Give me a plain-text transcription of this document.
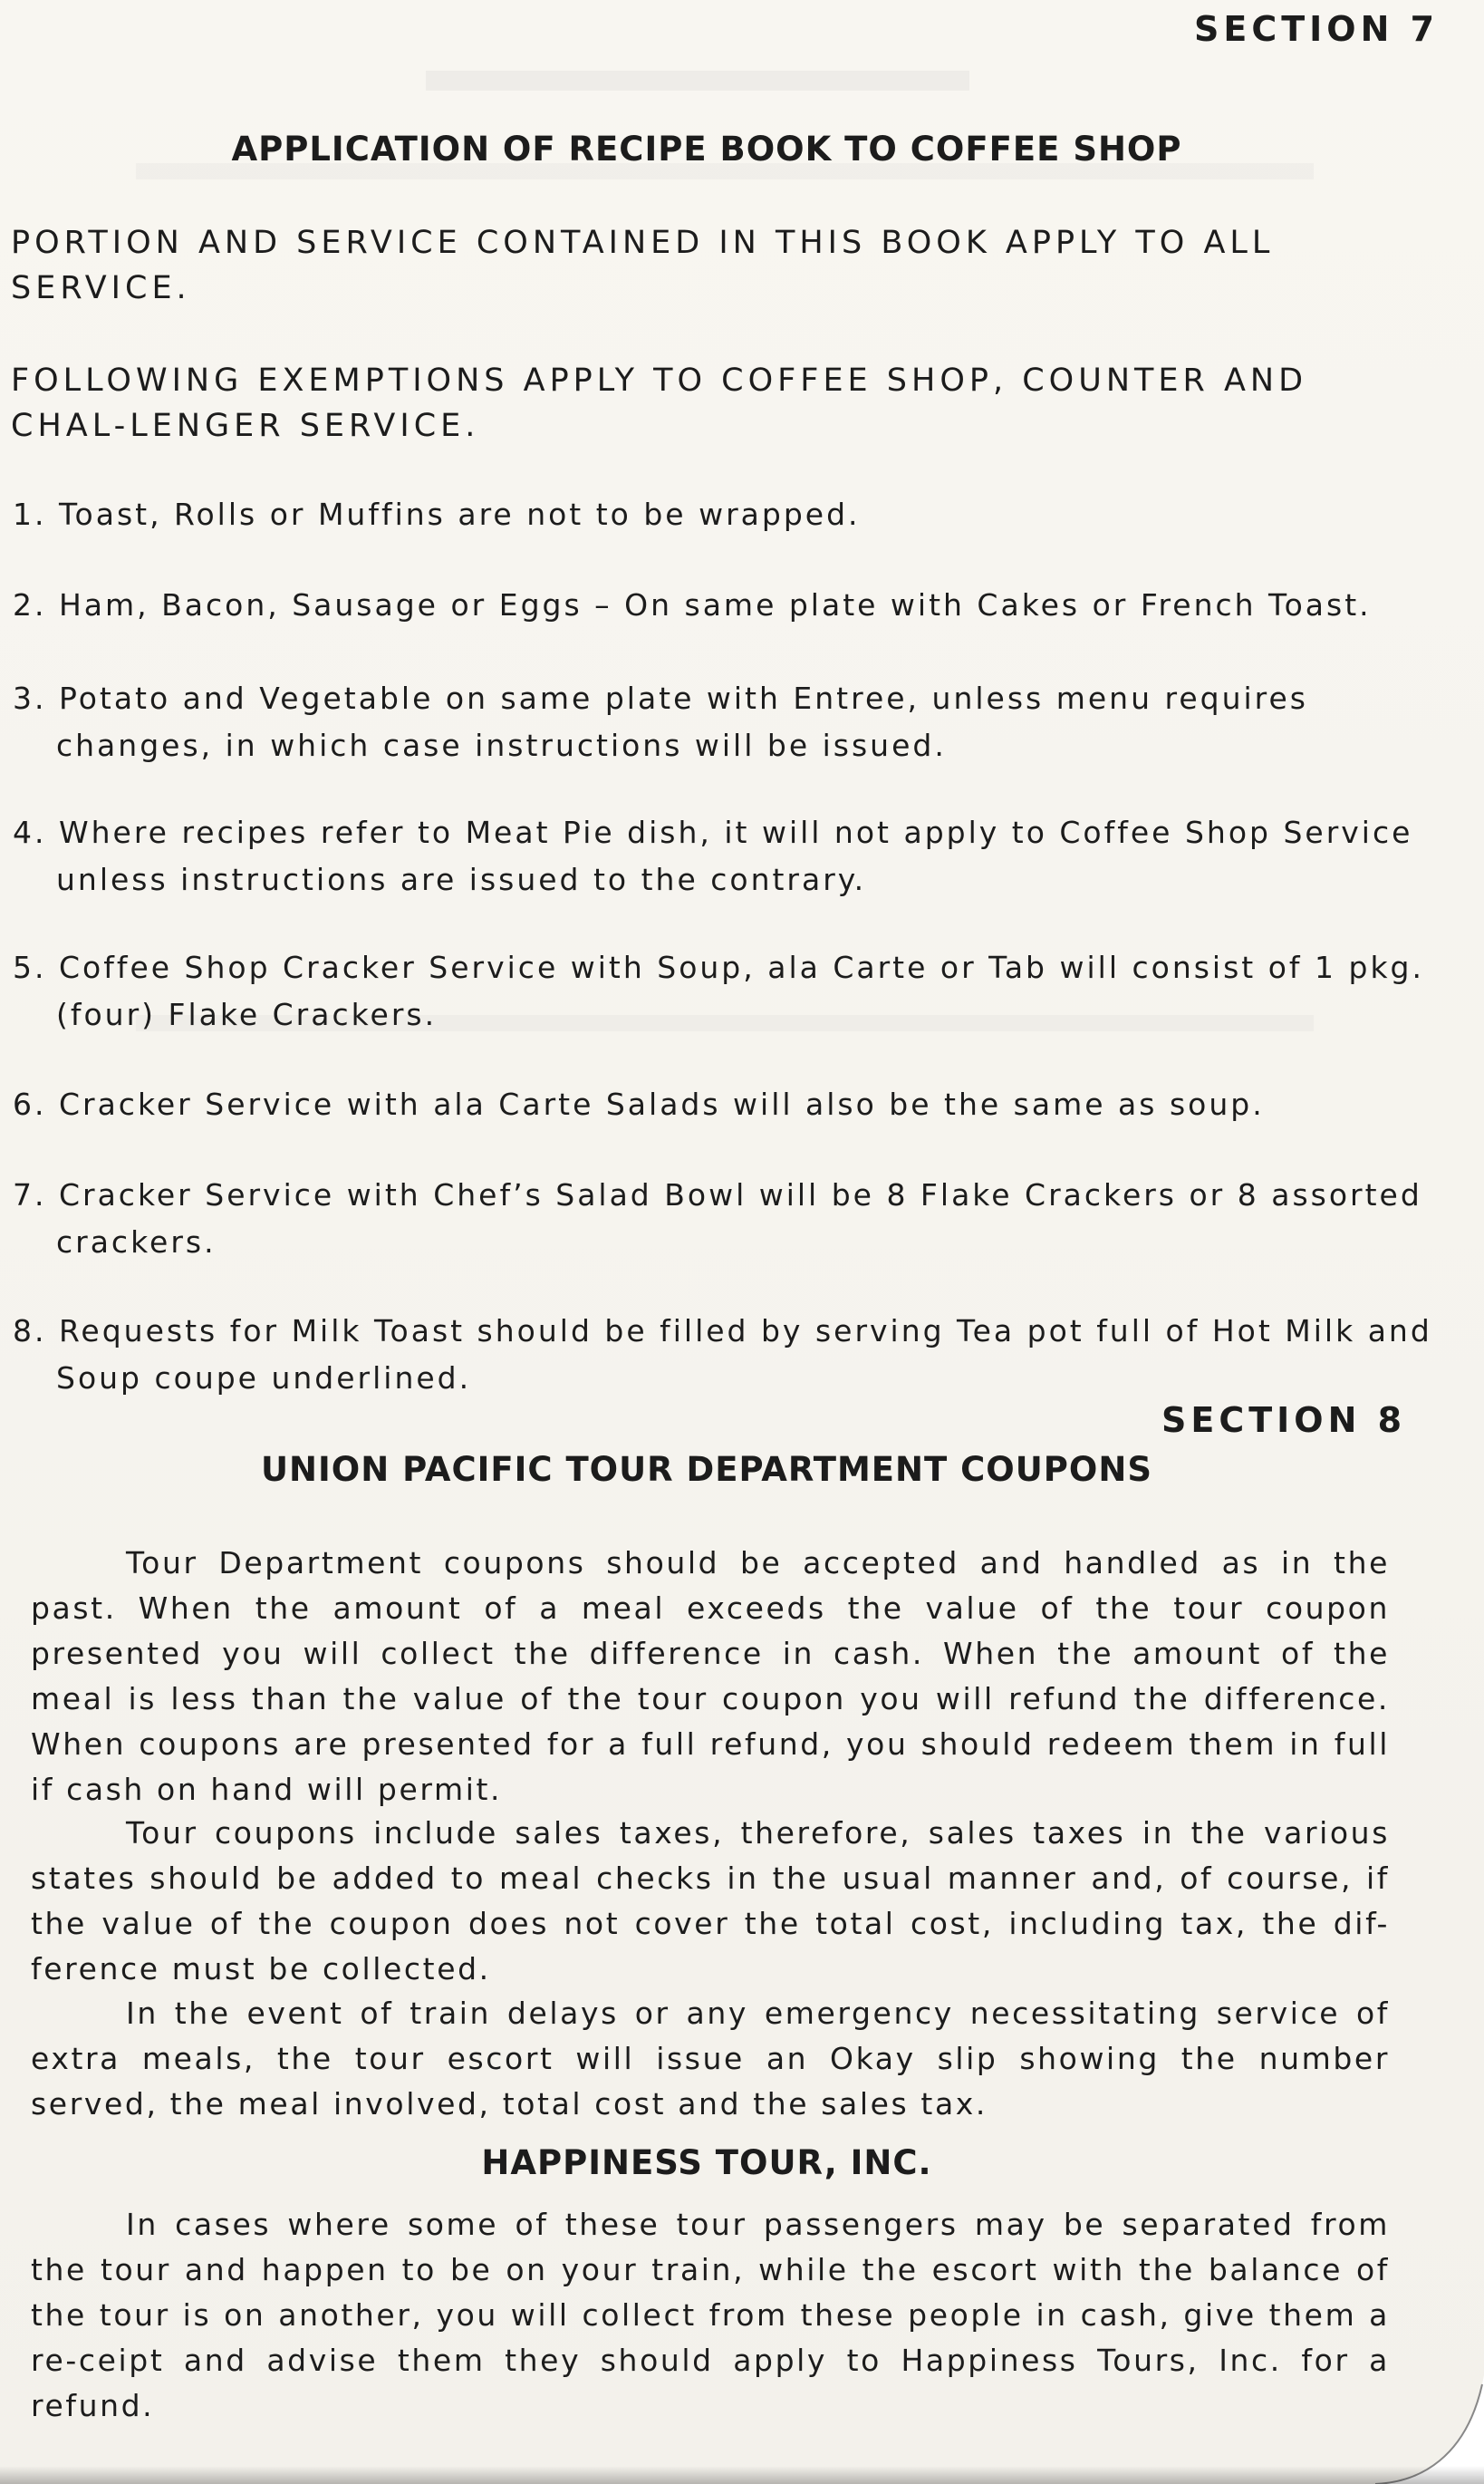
SECTION 7
APPLICATION OF RECIPE BOOK TO COFFEE SHOP

PORTION AND SERVICE CONTAINED IN THIS BOOK APPLY TO ALL SERVICE.

FOLLOWING EXEMPTIONS APPLY TO COFFEE SHOP, COUNTER AND CHAL-LENGER SERVICE.

1. Toast, Rolls or Muffins are not to be wrapped.

2. Ham, Bacon, Sausage or Eggs – On same plate with Cakes or French Toast.

3. Potato and Vegetable on same plate with Entree, unless menu requires changes, in which case instructions will be issued.

4. Where recipes refer to Meat Pie dish, it will not apply to Coffee Shop Service unless instructions are issued to the contrary.

5. Coffee Shop Cracker Service with Soup, ala Carte or Tab will consist of 1 pkg. (four) Flake Crackers.

6. Cracker Service with ala Carte Salads will also be the same as soup.

7. Cracker Service with Chef’s Salad Bowl will be 8 Flake Crackers or 8 assorted crackers.

8. Requests for Milk Toast should be filled by serving Tea pot full of Hot Milk and Soup coupe underlined.

SECTION 8
UNION PACIFIC TOUR DEPARTMENT COUPONS

Tour Department coupons should be accepted and handled as in the past. When the amount of a meal exceeds the value of the tour coupon presented you will collect the difference in cash. When the amount of the meal is less than the value of the tour coupon you will refund the difference. When coupons are presented for a full refund, you should redeem them in full if cash on hand will permit.

Tour coupons include sales taxes, therefore, sales taxes in the various states should be added to meal checks in the usual manner and, of course, if the value of the coupon does not cover the total cost, including tax, the dif-ference must be collected.

In the event of train delays or any emergency necessitating service of extra meals, the tour escort will issue an Okay slip showing the number served, the meal involved, total cost and the sales tax.

HAPPINESS TOUR, INC.

In cases where some of these tour passengers may be separated from the tour and happen to be on your train, while the escort with the balance of the tour is on another, you will collect from these people in cash, give them a re-ceipt and advise them they should apply to Happiness Tours, Inc. for a refund.
